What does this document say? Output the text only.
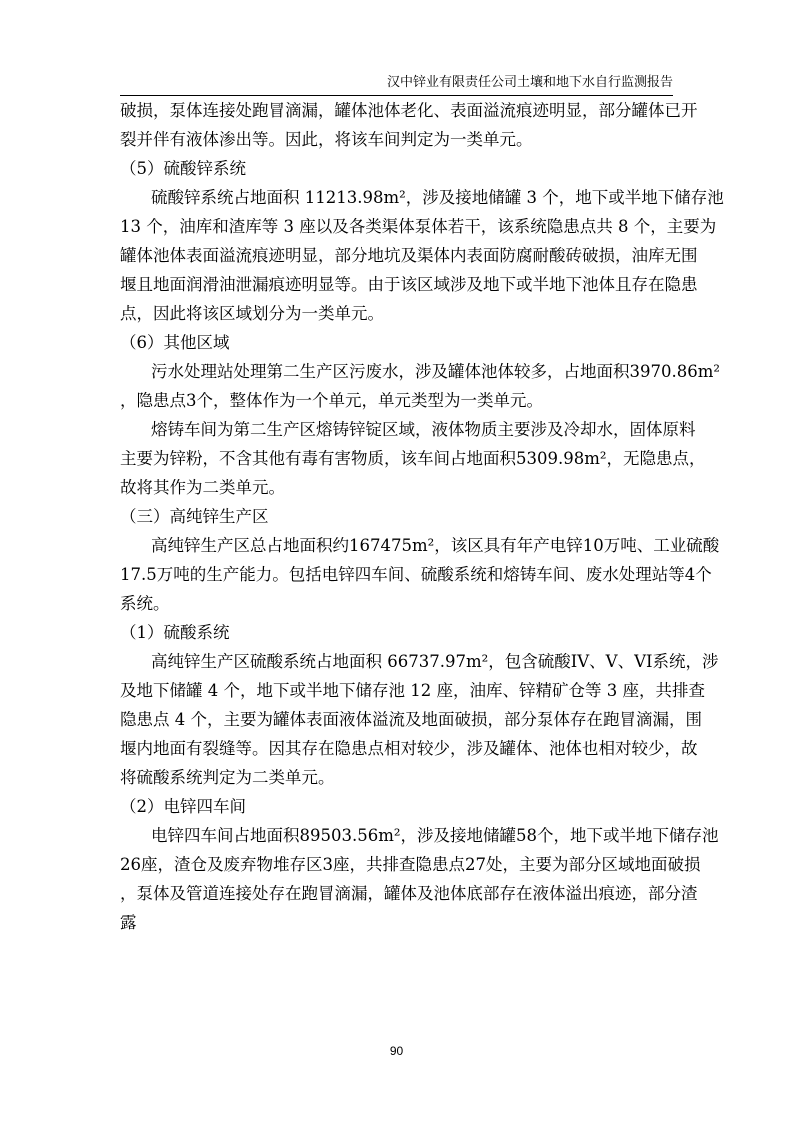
汉中锌业有限责任公司土壤和地下水自行监测报告

破损，泵体连接处跑冒滴漏，罐体池体老化、表面溢流痕迹明显，部分罐体已开
裂并伴有液体渗出等。因此，将该车间判定为一类单元。

（5）硫酸锌系统

硫酸锌系统占地面积 11213.98m²，涉及接地储罐 3 个，地下或半地下储存池
13 个，油库和渣库等 3 座以及各类渠体泵体若干，该系统隐患点共 8 个，主要为
罐体池体表面溢流痕迹明显，部分地坑及渠体内表面防腐耐酸砖破损，油库无围
堰且地面润滑油泄漏痕迹明显等。由于该区域涉及地下或半地下池体且存在隐患
点，因此将该区域划分为一类单元。

（6）其他区域

污水处理站处理第二生产区污废水，涉及罐体池体较多，占地面积3970.86m²
，隐患点3个，整体作为一个单元，单元类型为一类单元。

熔铸车间为第二生产区熔铸锌锭区域，液体物质主要涉及冷却水，固体原料
主要为锌粉，不含其他有毒有害物质，该车间占地面积5309.98m²，无隐患点，
故将其作为二类单元。

（三）高纯锌生产区

高纯锌生产区总占地面积约167475m²，该区具有年产电锌10万吨、工业硫酸
17.5万吨的生产能力。包括电锌四车间、硫酸系统和熔铸车间、废水处理站等4个
系统。

（1）硫酸系统

高纯锌生产区硫酸系统占地面积 66737.97m²，包含硫酸IV、V、VI系统，涉
及地下储罐 4 个，地下或半地下储存池 12 座，油库、锌精矿仓等 3 座，共排查
隐患点 4 个，主要为罐体表面液体溢流及地面破损，部分泵体存在跑冒滴漏，围
堰内地面有裂缝等。因其存在隐患点相对较少，涉及罐体、池体也相对较少，故
将硫酸系统判定为二类单元。

（2）电锌四车间

电锌四车间占地面积89503.56m²，涉及接地储罐58个，地下或半地下储存池
26座，渣仓及废弃物堆存区3座，共排查隐患点27处，主要为部分区域地面破损
，泵体及管道连接处存在跑冒滴漏，罐体及池体底部存在液体溢出痕迹，部分渣
露

90
